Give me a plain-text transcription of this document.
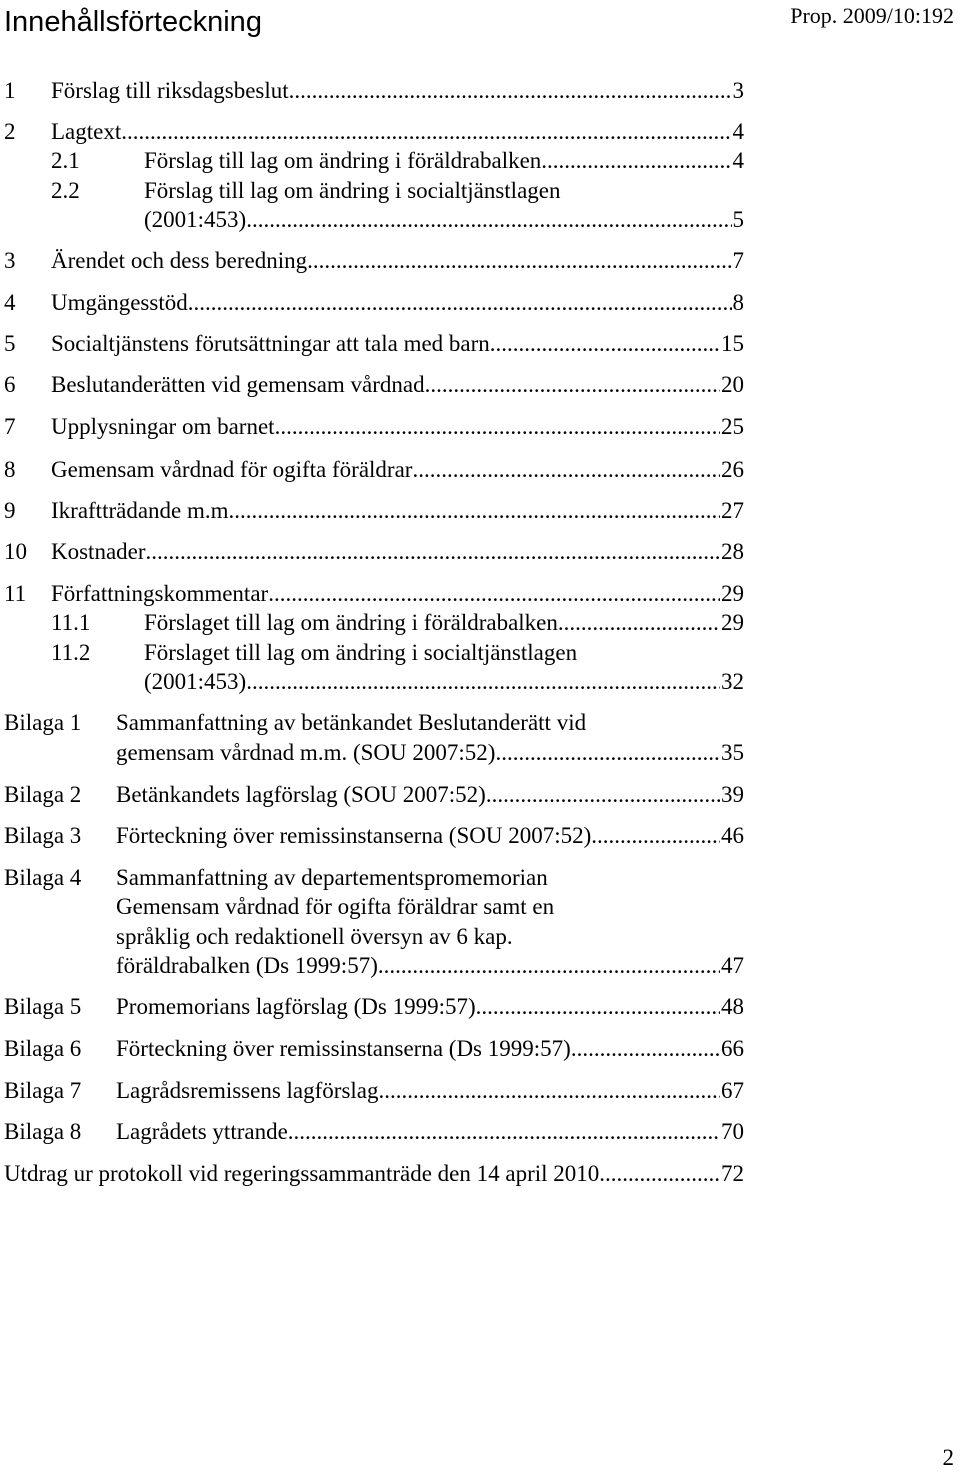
Innehållsförteckning	Prop. 2009/10:192
1 Förslag till riksdagsbeslut .....	3
2 Lagtext .....	4
2.1	Förslag till lag om ändring i föräldrabalken .....	4
2.2	Förslag till lag om ändring i socialtjänstlagen
(2001:453) .....	5
3 Ärendet och dess beredning .....	7
4 Umgängesstöd .....	8
5 Socialtjänstens förutsättningar att tala med barn .....	15
6 Beslutanderätten vid gemensam vårdnad .....	20
7 Upplysningar om barnet .....	25
8 Gemensam vårdnad för ogifta föräldrar .....	26
9 Ikraftträdande m.m. .....	27
10 Kostnader .....	28
11 Författningskommentar .....	29
11.1 Förslaget till lag om ändring i föräldrabalken .....	29
11.2 Förslaget till lag om ändring i socialtjänstlagen
(2001:453) .....	32
Bilaga 1 Sammanfattning av betänkandet Beslutanderätt vid
gemensam vårdnad m.m. (SOU 2007:52) .....	35
Bilaga 2 Betänkandets lagförslag (SOU 2007:52) .....	39
Bilaga 3 Förteckning över remissinstanserna (SOU 2007:52) .....	46
Bilaga 4 Sammanfattning av departementspromemorian
Gemensam vårdnad för ogifta föräldrar samt en
språklig och redaktionell översyn av 6 kap.
föräldrabalken (Ds 1999:57) .....	47
Bilaga 5 Promemorians lagförslag (Ds 1999:57) .....	48
Bilaga 6 Förteckning över remissinstanserna (Ds 1999:57) .....	66
Bilaga 7 Lagrådsremissens lagförslag .....	67
Bilaga 8 Lagrådets yttrande .....	70
Utdrag ur protokoll vid regeringssammanträde den 14 april 2010 .....	72
2
